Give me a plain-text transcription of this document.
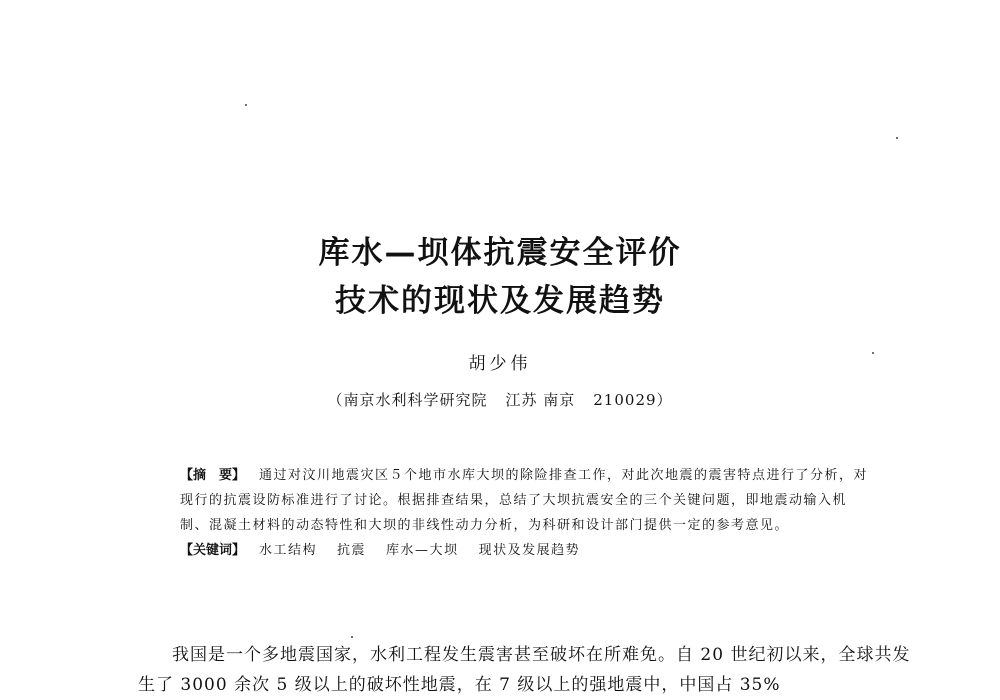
库水—坝体抗震安全评价
技术的现状及发展趋势
胡少伟
（南京水利科学研究院 江苏 南京 210029）

【摘　要】 通过对汶川地震灾区５个地市水库大坝的除险排查工作，对此次地震的震害特点进行了分析，对现行的抗震设防标准进行了讨论。根据排查结果，总结了大坝抗震安全的三个关键问题，即地震动输入机制、混凝土材料的动态特性和大坝的非线性动力分析，为科研和设计部门提供一定的参考意见。

【关键词】 水工结构 抗震 库水—大坝 现状及发展趋势

我国是一个多地震国家，水利工程发生震害甚至破坏在所难免。自 20 世纪初以来，全球共发生了 3000 余次 5 级以上的破坏性地震，在 7 级以上的强地震中，中国占 35%
